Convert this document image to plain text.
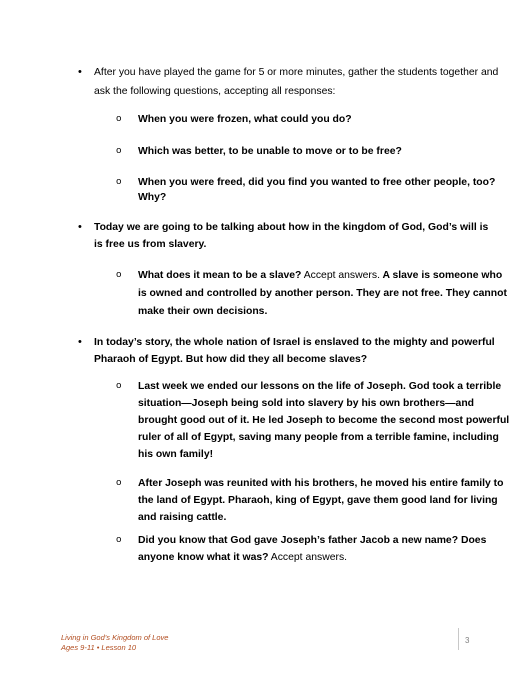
• After you have played the game for 5 or more minutes, gather the students together and
ask the following questions, accepting all responses:
o When you were frozen, what could you do?
o Which was better, to be unable to move or to be free?
o When you were freed, did you find you wanted to free other people, too?
Why?
• Today we are going to be talking about how in the kingdom of God, God’s will is
is free us from slavery.
o What does it mean to be a slave? Accept answers. A slave is someone who
is owned and controlled by another person. They are not free. They cannot
make their own decisions.
• In today’s story, the whole nation of Israel is enslaved to the mighty and powerful
Pharaoh of Egypt. But how did they all become slaves?
o Last week we ended our lessons on the life of Joseph. God took a terrible
situation—Joseph being sold into slavery by his own brothers—and
brought good out of it. He led Joseph to become the second most powerful
ruler of all of Egypt, saving many people from a terrible famine, including
his own family!
o After Joseph was reunited with his brothers, he moved his entire family to
the land of Egypt. Pharaoh, king of Egypt, gave them good land for living
and raising cattle.
o Did you know that God gave Joseph’s father Jacob a new name? Does
anyone know what it was? Accept answers.
Living in God’s Kingdom of Love
Ages 9-11 • Lesson 10
3
